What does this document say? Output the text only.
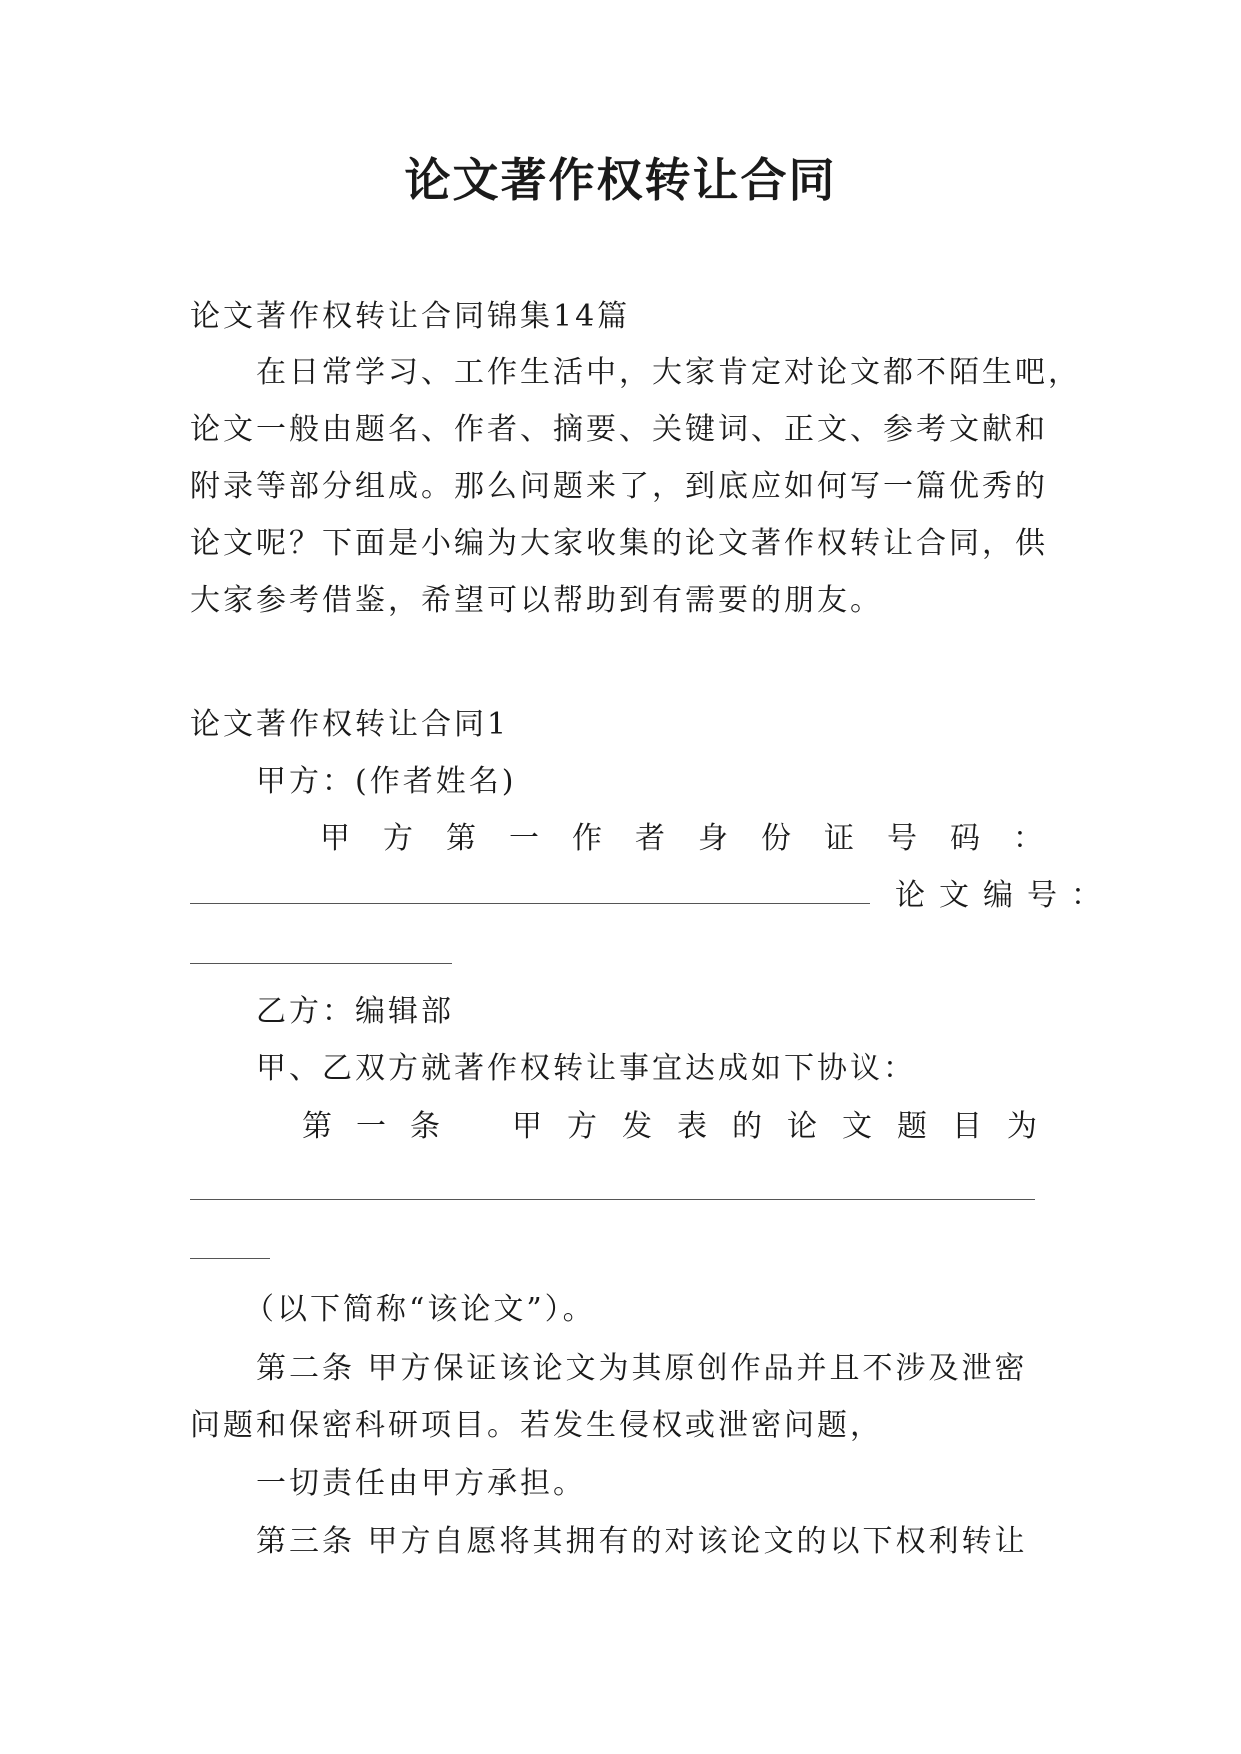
论文著作权转让合同
论文著作权转让合同锦集14篇
在日常学习、工作生活中，大家肯定对论文都不陌生吧，
论文一般由题名、作者、摘要、关键词、正文、参考文献和
附录等部分组成。那么问题来了，到底应如何写一篇优秀的
论文呢？下面是小编为大家收集的论文著作权转让合同，供
大家参考借鉴，希望可以帮助到有需要的朋友。
论文著作权转让合同1
甲方：(作者姓名)
甲方第一作者身份证号码：
论文编号：
乙方：编辑部
甲、乙双方就著作权转让事宜达成如下协议：
第一条 甲方发表的论文题目为
（以下简称“该论文”）。
第二条 甲方保证该论文为其原创作品并且不涉及泄密
问题和保密科研项目。若发生侵权或泄密问题，
一切责任由甲方承担。
第三条 甲方自愿将其拥有的对该论文的以下权利转让
